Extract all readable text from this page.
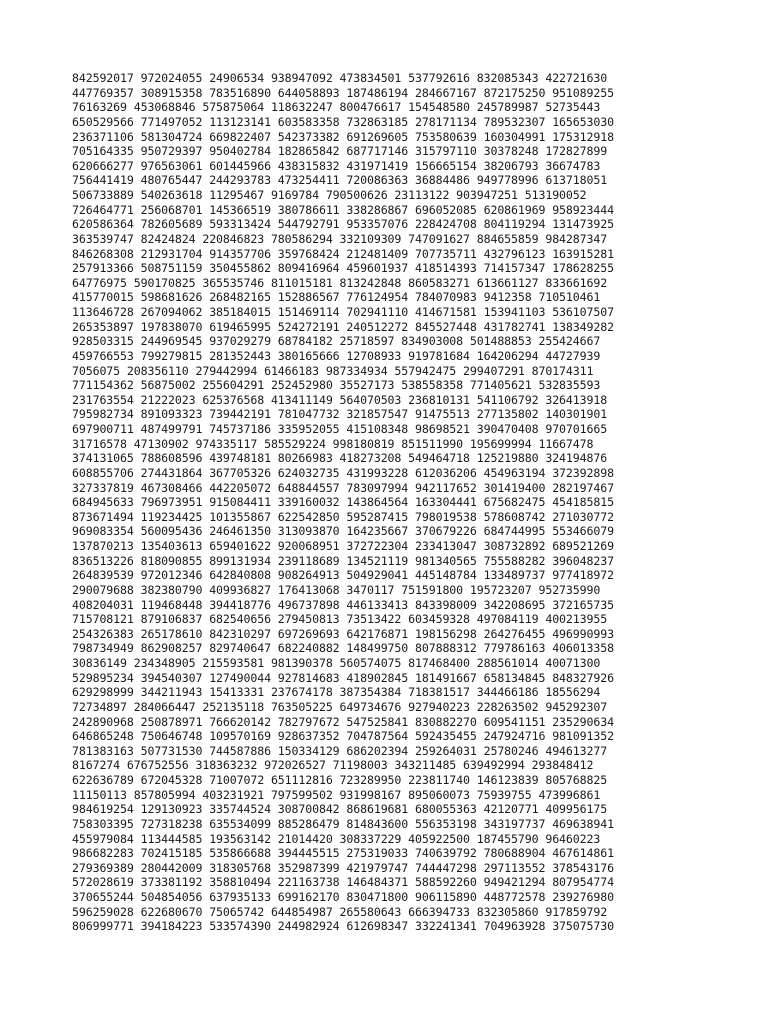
842592017 972024055 24906534 938947092 473834501 537792616 832085343 422721630
447769357 308915358 783516890 644058893 187486194 284667167 872175250 951089255
76163269 453068846 575875064 118632247 800476617 154548580 245789987 52735443
650529566 771497052 113123141 603583358 732863185 278171134 789532307 165653030
236371106 581304724 669822407 542373382 691269605 753580639 160304991 175312918
705164335 950729397 950402784 182865842 687717146 315797110 30378248 172827899
620666277 976563061 601445966 438315832 431971419 156665154 38206793 36674783
756441419 480765447 244293783 473254411 720086363 36884486 949778996 613718051
506733889 540263618 11295467 9169784 790500626 23113122 903947251 513190052
726464771 256068701 145366519 380786611 338286867 696052085 620861969 958923444
620586364 782605689 593313424 544792791 953357076 228424708 804119294 131473925
363539747 82424824 220846823 780586294 332109309 747091627 884655859 984287347
846268308 212931704 914357706 359768424 212481409 707735711 432796123 163915281
257913366 508751159 350455862 809416964 459601937 418514393 714157347 178628255
64776975 590170825 365535746 811015181 813242848 860583271 613661127 833661692
415770015 598681626 268482165 152886567 776124954 784070983 9412358 710510461
113646728 267094062 385184015 151469114 702941110 414671581 153941103 536107507
265353897 197838070 619465995 524272191 240512272 845527448 431782741 138349282
928503315 244969545 937029279 68784182 25718597 834903008 501488853 255424667
459766553 799279815 281352443 380165666 12708933 919781684 164206294 44727939
7056075 208356110 279442994 61466183 987334934 557942475 299407291 870174311
771154362 56875002 255604291 252452980 35527173 538558358 771405621 532835593
231763554 21222023 625376568 413411149 564070503 236810131 541106792 326413918
795982734 891093323 739442191 781047732 321857547 91475513 277135802 140301901
697900711 487499791 745737186 335952055 415108348 98698521 390470408 970701665
31716578 47130902 974335117 585529224 998180819 851511990 195699994 11667478
374131065 788608596 439748181 80266983 418273208 549464718 125219880 324194876
608855706 274431864 367705326 624032735 431993228 612036206 454963194 372392898
327337819 467308466 442205072 648844557 783097994 942117652 301419400 282197467
684945633 796973951 915084411 339160032 143864564 163304441 675682475 454185815
873671494 119234425 101355867 622542850 595287415 798019538 578608742 271030772
969083354 560095436 246461350 313093870 164235667 370679226 684744995 553466079
137870213 135403613 659401622 920068951 372722304 233413047 308732892 689521269
836513226 818090855 899131934 239118689 134521119 981340565 755588282 396048237
264839539 972012346 642840808 908264913 504929041 445148784 133489737 977418972
290079688 382380790 409936827 176413068 3470117 751591800 195723207 952735990
408204031 119468448 394418776 496737898 446133413 843398009 342208695 372165735
715708121 879106837 682540656 279450813 73513422 603459328 497084119 400213955
254326383 265178610 842310297 697269693 642176871 198156298 264276455 496990993
798734949 862908257 829740647 682240882 148499750 807888312 779786163 406013358
30836149 234348905 215593581 981390378 560574075 817468400 288561014 40071300
529895234 394540307 127490044 927814683 418902845 181491667 658134845 848327926
629298999 344211943 15413331 237674178 387354384 718381517 344466186 18556294
72734897 284066447 252135118 763505225 649734676 927940223 228263502 945292307
242890968 250878971 766620142 782797672 547525841 830882270 609541151 235290634
646865248 750646748 109570169 928637352 704787564 592435455 247924716 981091352
781383163 507731530 744587886 150334129 686202394 259264031 25780246 494613277
8167274 676752556 318363232 972026527 71198003 343211485 639492994 293848412
622636789 672045328 71007072 651112816 723289950 223811740 146123839 805768825
11150113 857805994 403231921 797599502 931998167 895060073 75939755 473996861
984619254 129130923 335744524 308700842 868619681 680055363 42120771 409956175
758303395 727318238 635534099 885286479 814843600 556353198 343197737 469638941
455979084 113444585 193563142 21014420 308337229 405922500 187455790 96460223
986682283 702415185 535866688 394445515 275319033 740639792 780688904 467614861
279369389 280442009 318305768 352987399 421979747 744447298 297113552 378543176
572028619 373381192 358810494 221163738 146484371 588592260 949421294 807954774
370655244 504854056 637935133 699162170 830471800 906115890 448772578 239276980
596259028 622680670 75065742 644854987 265580643 666394733 832305860 917859792
806999771 394184223 533574390 244982924 612698347 332241341 704963928 375075730
